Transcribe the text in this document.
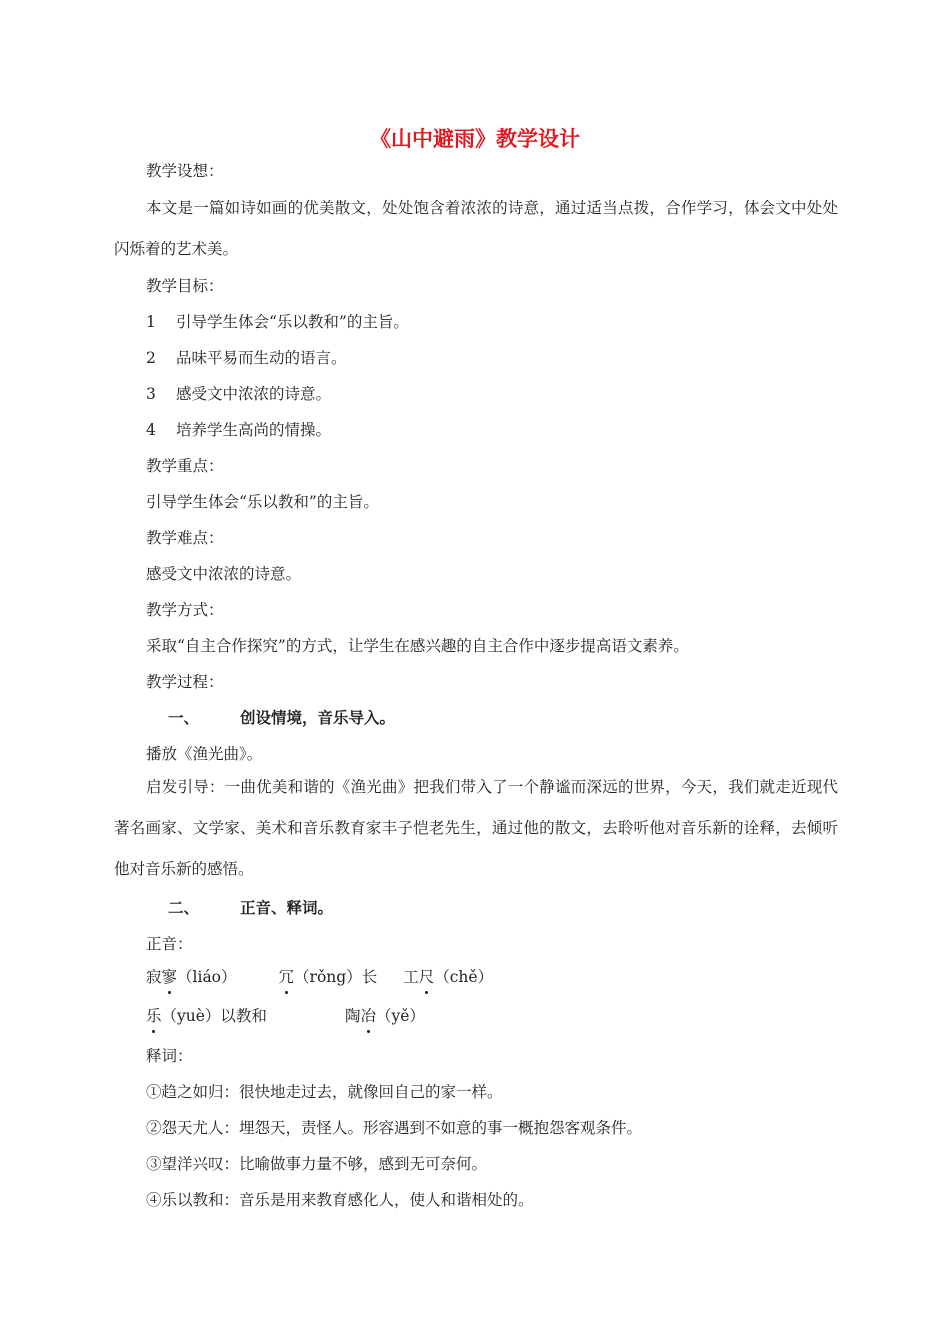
《山中避雨》教学设计

教学设想：

本文是一篇如诗如画的优美散文，处处饱含着浓浓的诗意，通过适当点拨，合作学习，体会文中处处闪烁着的艺术美。

教学目标：

1 引导学生体会“乐以教和”的主旨。

2 品味平易而生动的语言。

3 感受文中浓浓的诗意。

4 培养学生高尚的情操。

教学重点：

引导学生体会“乐以教和”的主旨。

教学难点：

感受文中浓浓的诗意。

教学方式：

采取“自主合作探究”的方式，让学生在感兴趣的自主合作中逐步提高语文素养。

教学过程：

一、	创设情境，音乐导入。

播放《渔光曲》。

启发引导：一曲优美和谐的《渔光曲》把我们带入了一个静谧而深远的世界，今天，我们就走近现代著名画家、文学家、美术和音乐教育家丰子恺老先生，通过他的散文，去聆听他对音乐新的诠释，去倾听他对音乐新的感悟。

二、	正音、释词。

正音：

寂寥（liáo）	冗（rǒng）长 工尺（chě）

乐（yuè）以教和	陶冶（yě）

释词：

①趋之如归：很快地走过去，就像回自己的家一样。

②怨天尤人：埋怨天，责怪人。形容遇到不如意的事一概抱怨客观条件。

③望洋兴叹：比喻做事力量不够，感到无可奈何。

④乐以教和：音乐是用来教育感化人，使人和谐相处的。
